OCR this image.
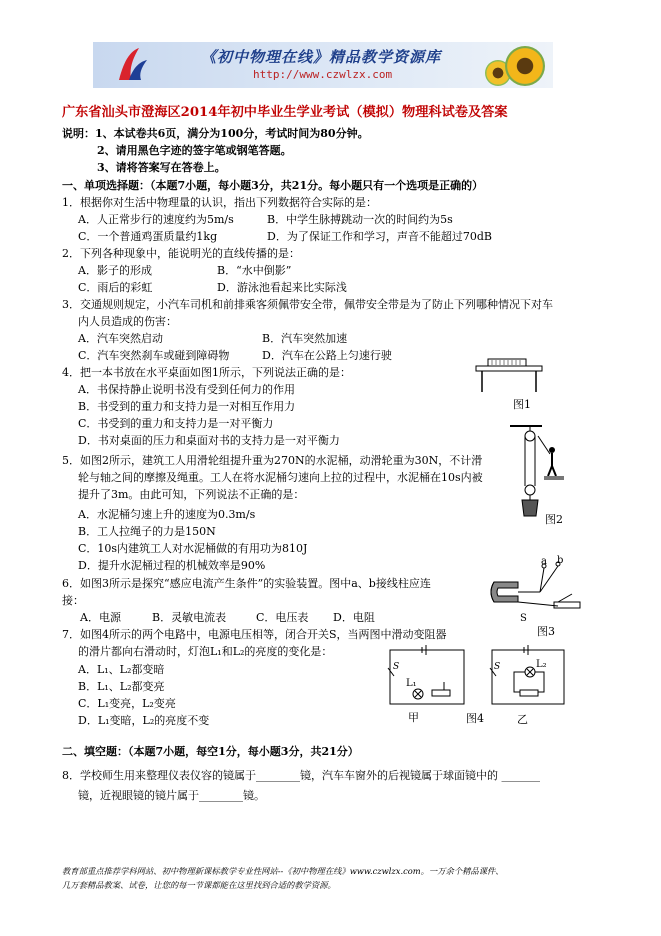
《初中物理在线》精品教学资源库
http://www.czwlzx.com
广东省汕头市澄海区2014年初中毕业生学业考试（模拟）物理科试卷及答案
说明：1、本试卷共6页，满分为100分，考试时间为80分钟。
2、请用黑色字迹的签字笔或钢笔答题。
3、请将答案写在答卷上。
一、单项选择题：（本题7小题，每小题3分，共21分。每小题只有一个选项是正确的）
1．根据你对生活中物理量的认识，指出下列数据符合实际的是：
A．人正常步行的速度约为5m/s	B．中学生脉搏跳动一次的时间约为5s
C．一个普通鸡蛋质量约1kg	D．为了保证工作和学习，声音不能超过70dB
2．下列各种现象中，能说明光的直线传播的是：
A．影子的形成	B．“水中倒影”
C．雨后的彩虹	D．游泳池看起来比实际浅
3．交通规则规定，小汽车司机和前排乘客须佩带安全带，佩带安全带是为了防止下列哪种情况下对车
内人员造成的伤害：
A．汽车突然启动	B．汽车突然加速
C．汽车突然刹车或碰到障碍物	D．汽车在公路上匀速行驶
4．把一本书放在水平桌面如图1所示，下列说法正确的是：
A．书保持静止说明书没有受到任何力的作用
B．书受到的重力和支持力是一对相互作用力
C．书受到的重力和支持力是一对平衡力
D．书对桌面的压力和桌面对书的支持力是一对平衡力
图1
5．如图2所示，建筑工人用滑轮组提升重为270N的水泥桶，动滑轮重为30N，不计滑
轮与轴之间的摩擦及绳重。工人在将水泥桶匀速向上拉的过程中，水泥桶在10s内被
提升了3m。由此可知，下列说法不正确的是：
A．水泥桶匀速上升的速度为0.3m/s
B．工人拉绳子的力是150N
C．10s内建筑工人对水泥桶做的有用功为810J
D．提升水泥桶过程的机械效率是90%
图2
6．如图3所示是探究“感应电流产生条件”的实验装置。图中a、b接线柱应连
接：
A．电源	B．灵敏电流表	C．电压表 D．电阻
a b
S
图3
7．如图4所示的两个电路中，电源电压相等，闭合开关S，当两图中滑动变阻器
的滑片都向右滑动时，灯泡L₁和L₂的亮度的变化是：
A．L₁、L₂都变暗
B．L₁、L₂都变亮
C．L₁变亮，L₂变亮
D．L₁变暗，L₂的亮度不变
S
L₁
甲
S	L₂
乙
图4
二、填空题：（本题7小题，每空1分，每小题3分，共21分）
8．学校师生用来整理仪表仪容的镜属于________镜，汽车车窗外的后视镜属于球面镜中的 _______
镜，近视眼镜的镜片属于________镜。
教育部重点推荐学科网站、初中物理新课标教学专业性网站--《初中物理在线》www.czwlzx.com。一万余个精品课件、
几万套精品教案、试卷，让您的每一节课都能在这里找到合适的教学资源。
